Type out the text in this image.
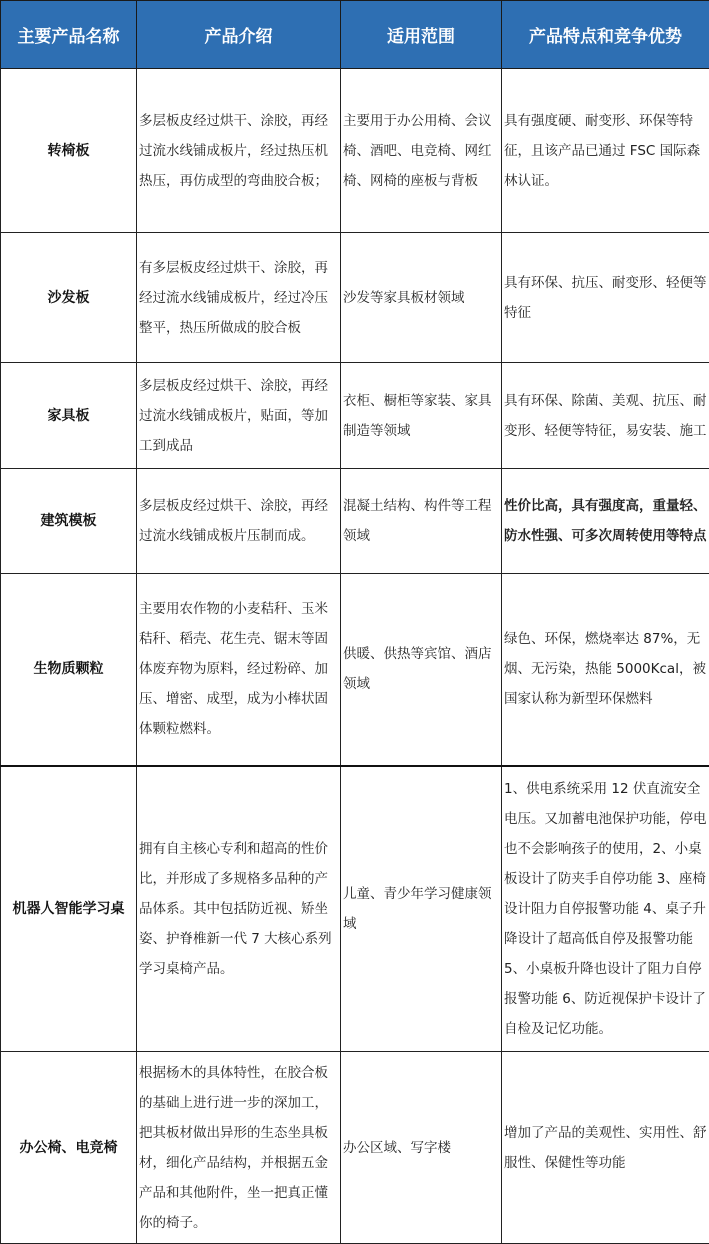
主要产品名称	产品介绍	适用范围	产品特点和竞争优势
转椅板	多层板皮经过烘干、涂胶，再经过流水线铺成板片，经过热压机热压，再仿成型的弯曲胶合板；	主要用于办公用椅、会议椅、酒吧、电竞椅、网红椅、网椅的座板与背板	具有强度硬、耐变形、环保等特征，且该产品已通过 FSC 国际森林认证。
沙发板	有多层板皮经过烘干、涂胶，再经过流水线铺成板片，经过冷压整平，热压所做成的胶合板	沙发等家具板材领域	具有环保、抗压、耐变形、轻便等特征
家具板	多层板皮经过烘干、涂胶，再经过流水线铺成板片，贴面，等加工到成品	衣柜、橱柜等家装、家具制造等领域	具有环保、除菌、美观、抗压、耐变形、轻便等特征，易安装、施工
建筑模板	多层板皮经过烘干、涂胶，再经过流水线铺成板片压制而成。	混凝土结构、构件等工程领域	性价比高，具有强度高，重量轻、防水性强、可多次周转使用等特点
生物质颗粒	主要用农作物的小麦秸秆、玉米秸秆、稻壳、花生壳、锯末等固体废弃物为原料，经过粉碎、加压、增密、成型，成为小棒状固体颗粒燃料。	供暖、供热等宾馆、酒店领域	绿色、环保，燃烧率达 87%，无烟、无污染，热能 5000Kcal，被国家认称为新型环保燃料
机器人智能学习桌	拥有自主核心专利和超高的性价比，并形成了多规格多品种的产品体系。其中包括防近视、矫坐姿、护脊椎新一代 7 大核心系列学习桌椅产品。	儿童、青少年学习健康领域	1、供电系统采用 12 伏直流安全电压。又加蓄电池保护功能，停电也不会影响孩子的使用，2、小桌板设计了防夹手自停功能 3、座椅设计阻力自停报警功能 4、桌子升降设计了超高低自停及报警功能 5、小桌板升降也设计了阻力自停报警功能 6、防近视保护卡设计了自检及记忆功能。
办公椅、电竞椅	根据杨木的具体特性，在胶合板的基础上进行进一步的深加工，把其板材做出异形的生态坐具板材，细化产品结构，并根据五金产品和其他附件，坐一把真正懂你的椅子。	办公区域、写字楼	增加了产品的美观性、实用性、舒服性、保健性等功能
